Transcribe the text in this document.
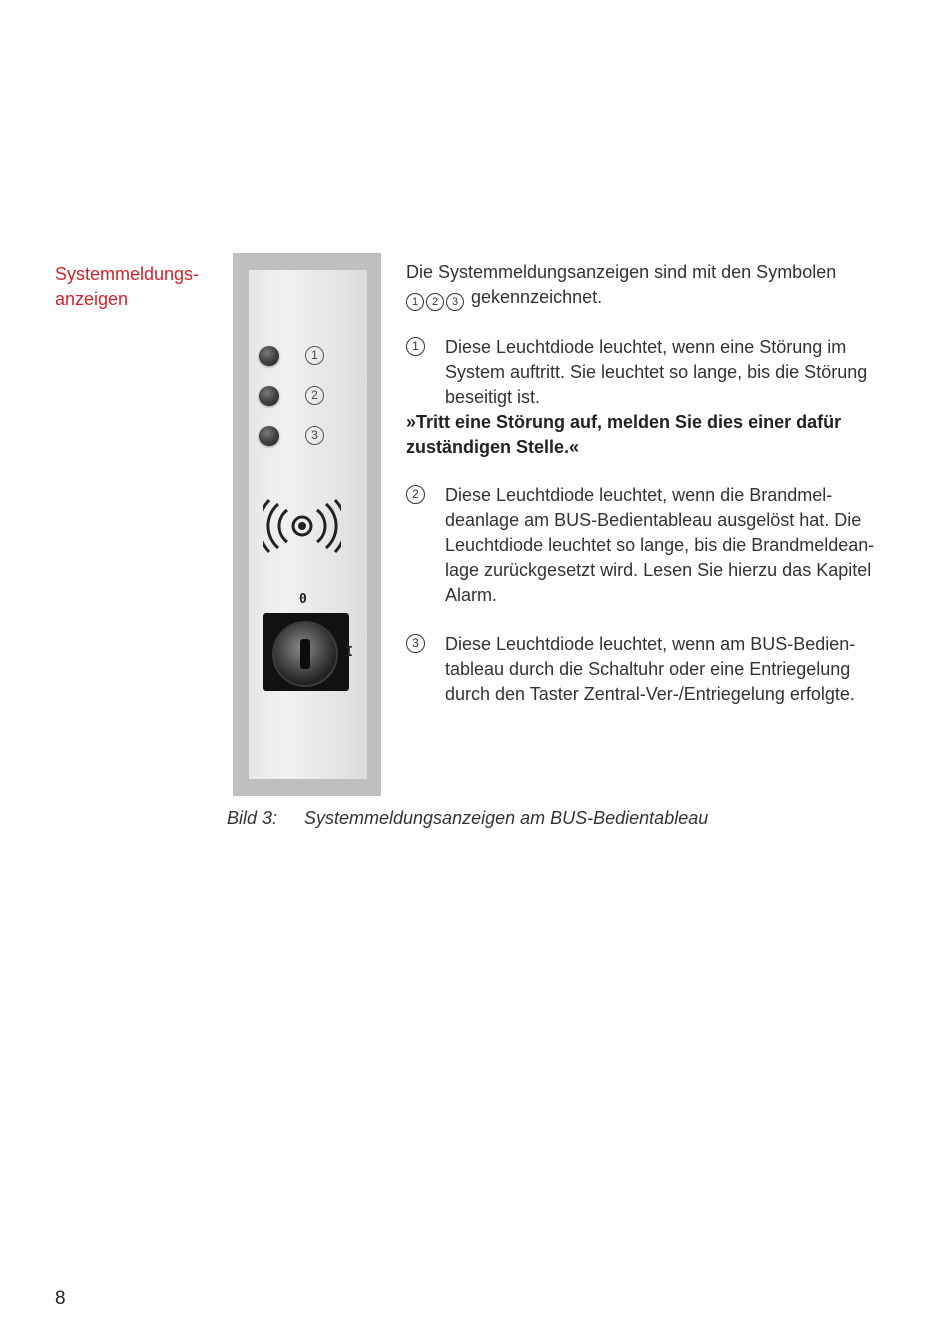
Systemmeldungs-
anzeigen
1
2
3
0
I
Die Systemmeldungsanzeigen sind mit den Symbolen
1 2 3 gekennzeichnet.
1	Diese Leuchtdiode leuchtet, wenn eine Störung im
System auftritt. Sie leuchtet so lange, bis die Störung
beseitigt ist.
»Tritt eine Störung auf, melden Sie dies einer dafür
zuständigen Stelle.«
2	Diese Leuchtdiode leuchtet, wenn die Brandmel-
deanlage am BUS-Bedientableau ausgelöst hat. Die
Leuchtdiode leuchtet so lange, bis die Brandmeldean-
lage zurückgesetzt wird. Lesen Sie hierzu das Kapitel
Alarm.
3	Diese Leuchtdiode leuchtet, wenn am BUS-Bedien-
tableau durch die Schaltuhr oder eine Entriegelung
durch den Taster Zentral-Ver-/Entriegelung erfolgte.
Bild 3: Systemmeldungsanzeigen am BUS-Bedientableau
8
